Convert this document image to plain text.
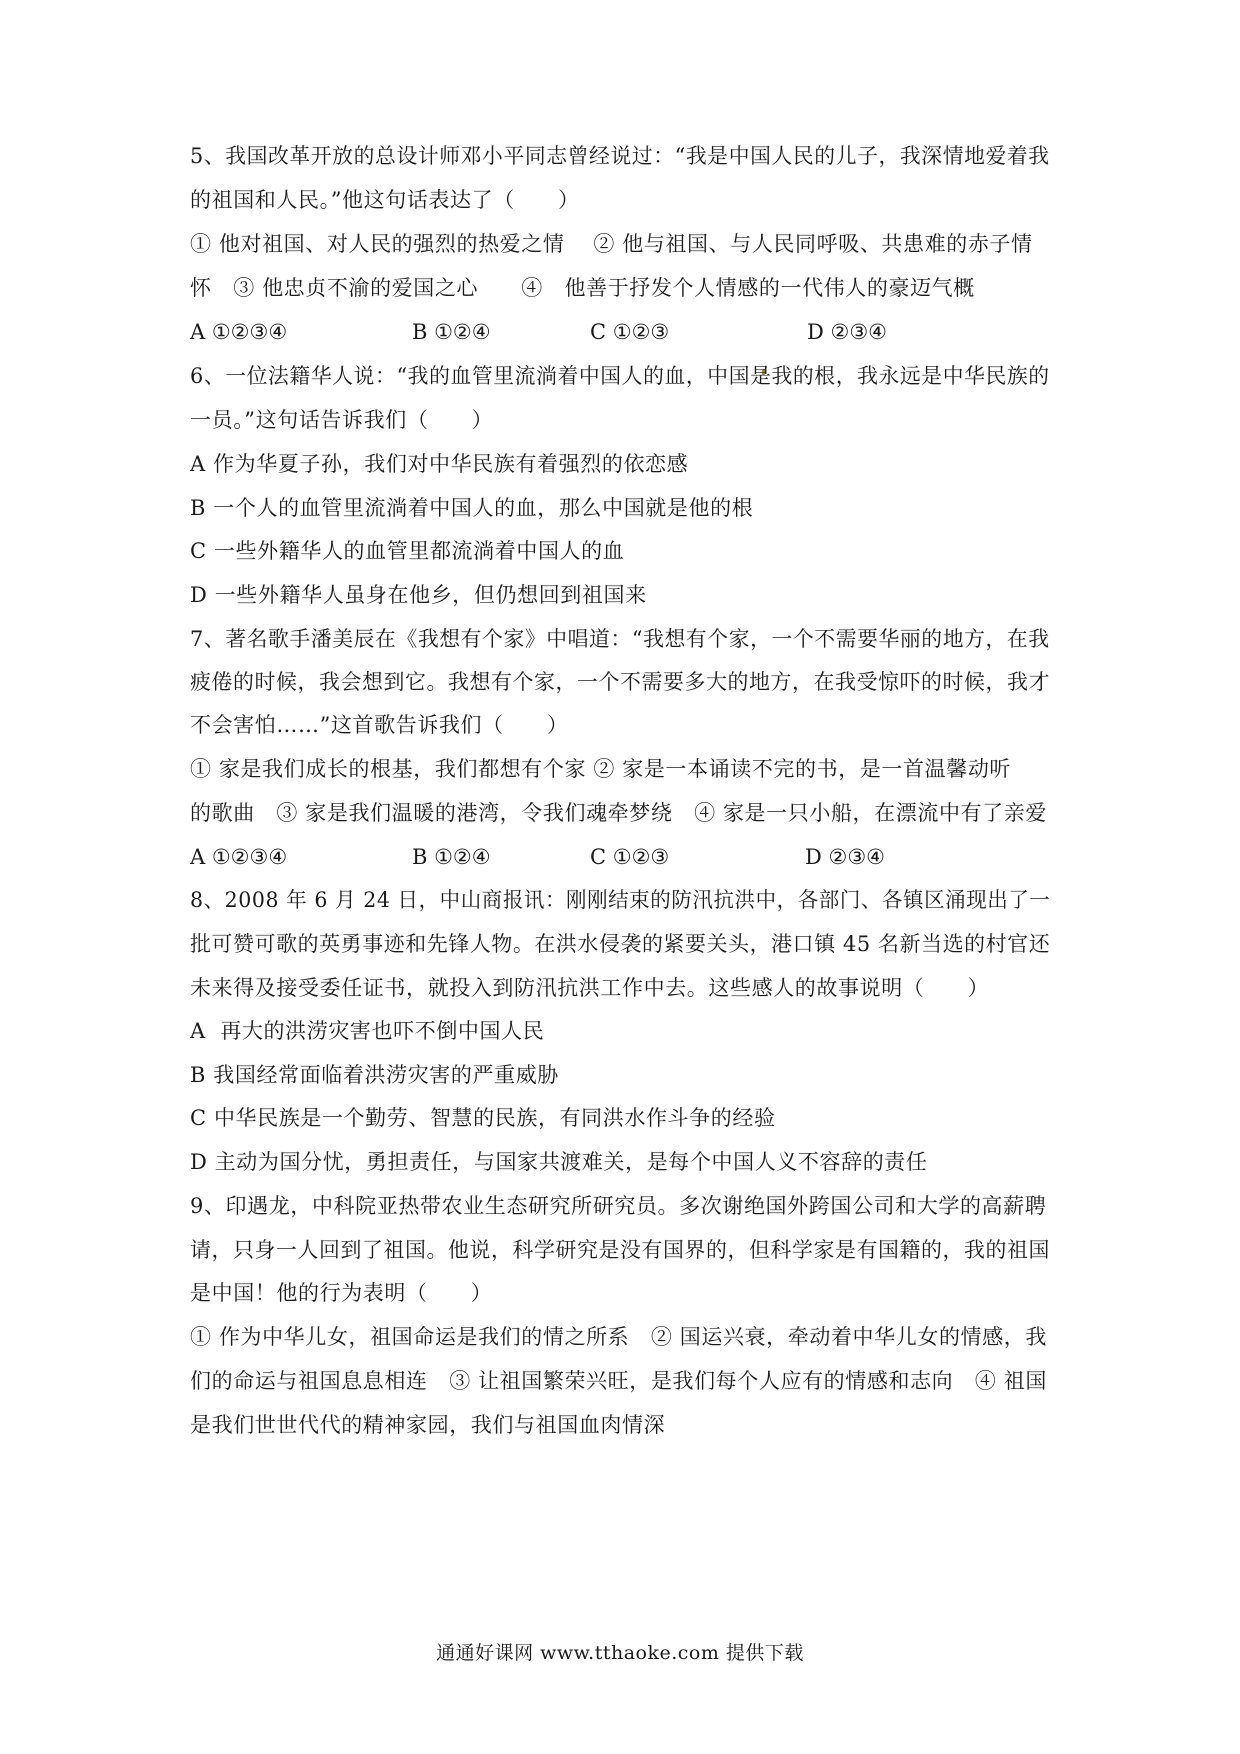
5、我国改革开放的总设计师邓小平同志曾经说过：“我是中国人民的儿子，我深情地爱着我
的祖国和人民。”他这句话表达了（　　）
① 他对祖国、对人民的强烈的热爱之情　 ② 他与祖国、与人民同呼吸、共患难的赤子情
怀　③ 他忠贞不渝的爱国之心　　④　他善于抒发个人情感的一代伟人的豪迈气概

A ①②③④

	B ①②④

	C ①②③

	D ②③④

6、一位法籍华人说：“我的血管里流淌着中国人的血，中国是我的根，我永远是中华民族的
一员。”这句话告诉我们（　　）
A 作为华夏子孙，我们对中华民族有着强烈的依恋感
B 一个人的血管里流淌着中国人的血，那么中国就是他的根
C 一些外籍华人的血管里都流淌着中国人的血
D 一些外籍华人虽身在他乡，但仍想回到祖国来
7、著名歌手潘美辰在《我想有个家》中唱道：“我想有个家，一个不需要华丽的地方，在我
疲倦的时候，我会想到它。我想有个家，一个不需要多大的地方，在我受惊吓的时候，我才
不会害怕……”这首歌告诉我们（　　）
① 家是我们成长的根基，我们都想有个家 ② 家是一本诵读不完的书，是一首温馨动听
的歌曲　③ 家是我们温暖的港湾，令我们魂牵梦绕　④ 家是一只小船，在漂流中有了亲爱

A ①②③④

	B ①②④

	C ①②③

	D ②③④

8、2008 年 6 月 24 日，中山商报讯：刚刚结束的防汛抗洪中，各部门、各镇区涌现出了一
批可赞可歌的英勇事迹和先锋人物。在洪水侵袭的紧要关头，港口镇 45 名新当选的村官还
未来得及接受委任证书，就投入到防汛抗洪工作中去。这些感人的故事说明（　　）
A  再大的洪涝灾害也吓不倒中国人民
B 我国经常面临着洪涝灾害的严重威胁
C 中华民族是一个勤劳、智慧的民族，有同洪水作斗争的经验
D 主动为国分忧，勇担责任，与国家共渡难关，是每个中国人义不容辞的责任
9、印遇龙，中科院亚热带农业生态研究所研究员。多次谢绝国外跨国公司和大学的高薪聘
请，只身一人回到了祖国。他说，科学研究是没有国界的，但科学家是有国籍的，我的祖国
是中国！他的行为表明（　　）
① 作为中华儿女，祖国命运是我们的情之所系　② 国运兴衰，牵动着中华儿女的情感，我
们的命运与祖国息息相连　③ 让祖国繁荣兴旺，是我们每个人应有的情感和志向　④ 祖国
是我们世世代代的精神家园，我们与祖国血肉情深
通通好课网 www.tthaoke.com 提供下载
